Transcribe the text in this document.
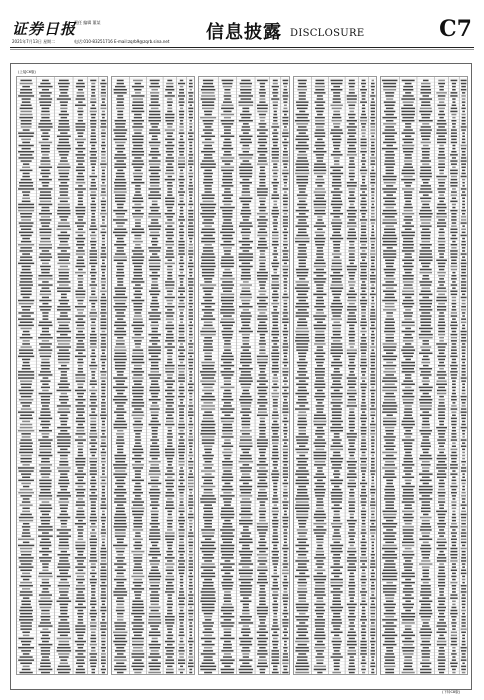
证券日报
责任 编辑 董某
2021年7月13日 星期二	电话:010-83251716 E-mail:zqrb9@zqrb.sina.net 信息披露 DISCLOSURE	C7
(上接C6版)
(下转C8版)
